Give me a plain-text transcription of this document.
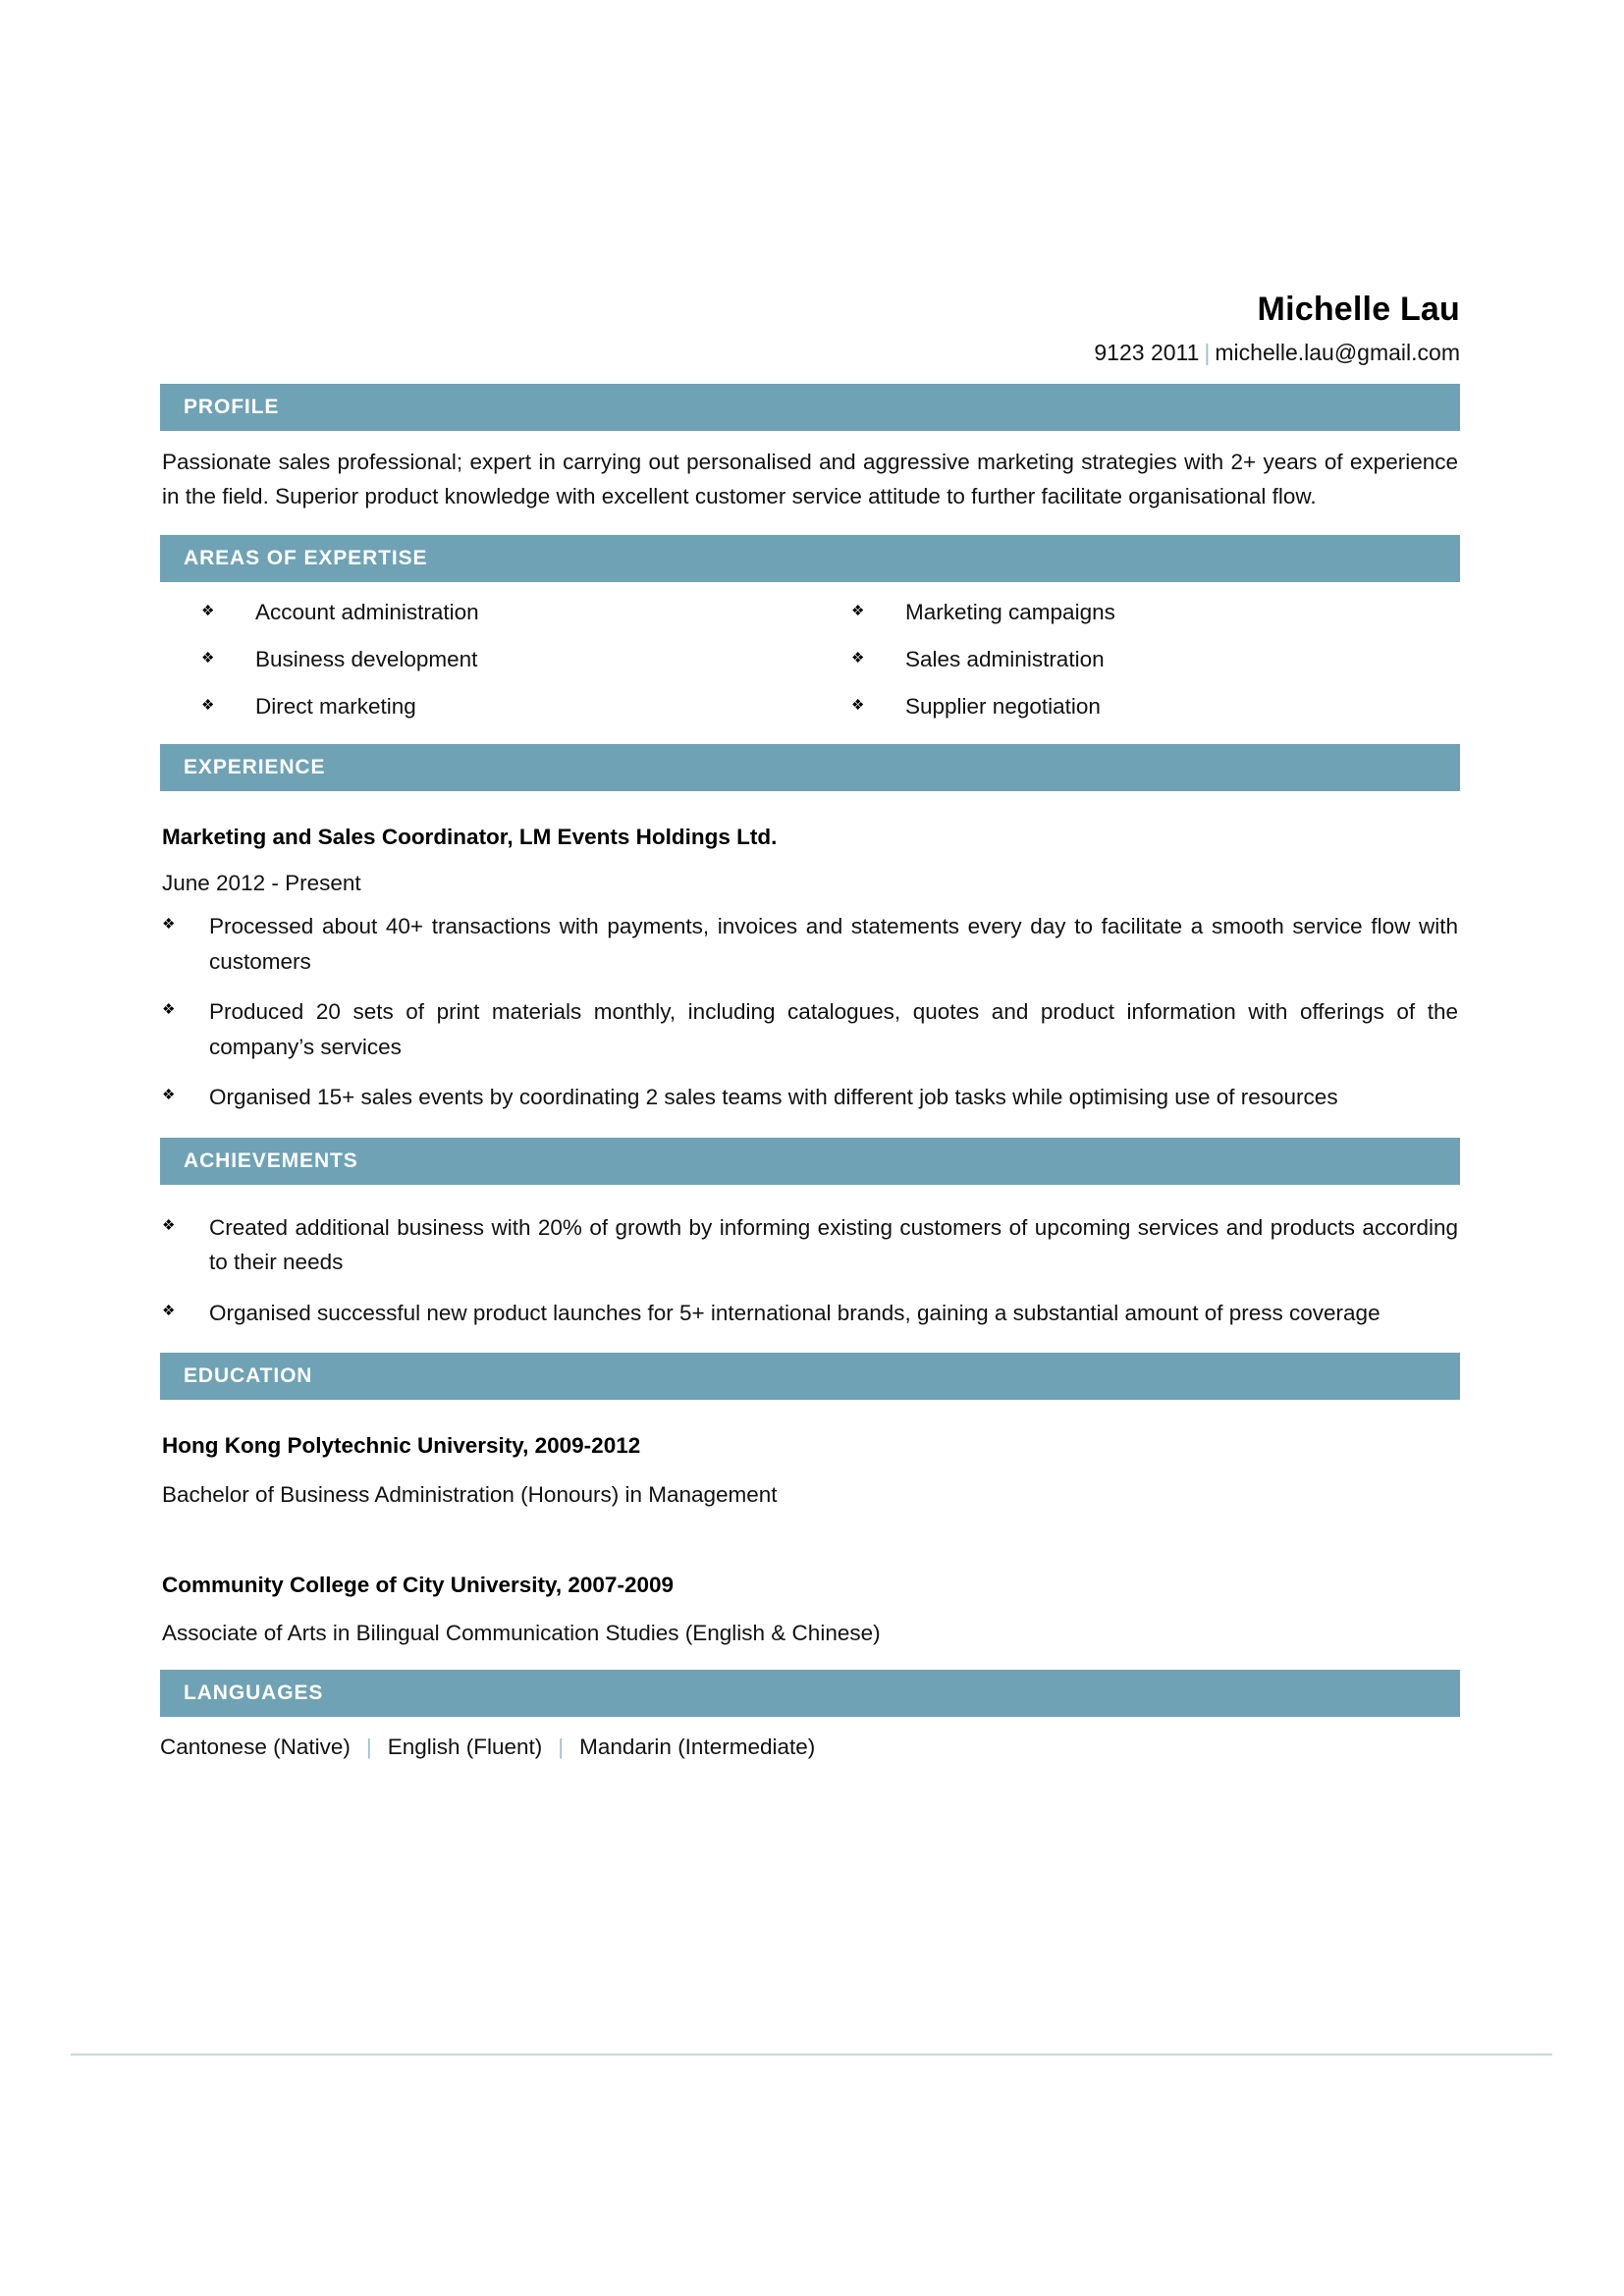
Michelle Lau
9123 2011 | michelle.lau@gmail.com
PROFILE

Passionate sales professional; expert in carrying out personalised and aggressive marketing strategies with 2+ years of experience in the field. Superior product knowledge with excellent customer service attitude to further facilitate organisational flow.

AREAS OF EXPERTISE
❖	Account administration
❖	Business development
❖	Direct marketing
❖	Marketing campaigns
❖	Sales administration
❖	Supplier negotiation
EXPERIENCE

Marketing and Sales Coordinator, LM Events Holdings Ltd.

June 2012 - Present

❖	Processed about 40+ transactions with payments, invoices and statements every day to facilitate a smooth service flow with customers
❖	Produced 20 sets of print materials monthly, including catalogues, quotes and product information with offerings of the company’s services
❖	Organised 15+ sales events by coordinating 2 sales teams with different job tasks while optimising use of resources
ACHIEVEMENTS
❖	Created additional business with 20% of growth by informing existing customers of upcoming services and products according to their needs
❖	Organised successful new product launches for 5+ international brands, gaining a substantial amount of press coverage
EDUCATION

Hong Kong Polytechnic University, 2009-2012

Bachelor of Business Administration (Honours) in Management

Community College of City University, 2007-2009

Associate of Arts in Bilingual Communication Studies (English & Chinese)

LANGUAGES
Cantonese (Native) | English (Fluent) | Mandarin (Intermediate)
